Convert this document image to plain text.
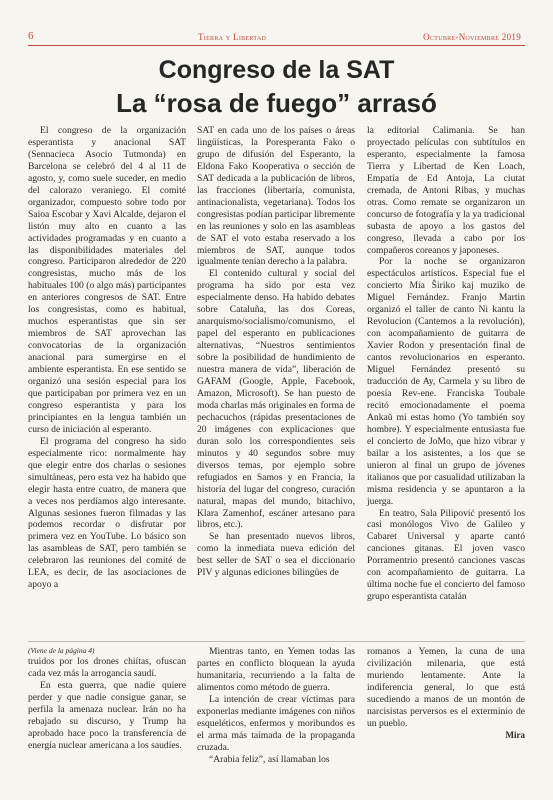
6	Tierra y Libertad	Octubre-Noviembre 2019
Congreso de la SAT
La “rosa de fuego” arrasó

El congreso de la organización esperantista y anacional SAT (Sennacieca Asocio Tutmonda) en Barcelona se celebró del 4 al 11 de agosto, y, como suele suceder, en medio del calorazo veraniego. El comité organizador, compuesto sobre todo por Saioa Escobar y Xavi Alcalde, dejaron el listón muy alto en cuanto a las actividades programadas y en cuanto a las disponibilidades materiales del congreso. Participaron alrededor de 220 congresistas, mucho más de los habituales 100 (o algo más) participantes en anteriores congresos de SAT. Entre los congresistas, como es habitual, muchos esperantistas que sin ser miembros de SAT aprovechan las convocatorias de la organización anacional para sumergirse en el ambiente esperantista. En ese sentido se organizó una sesión especial para los que participaban por primera vez en un congreso esperantista y para los principiantes en la lengua también un curso de iniciación al esperanto.

El programa del congreso ha sido especialmente rico: normalmente hay que elegir entre dos charlas o sesiones simultáneas, pero esta vez ha habido que elegir hasta entre cuatro, de manera que a veces nos perdíamos algo interesante. Algunas sesiones fueron filmadas y las podemos recordar o disfrutar por primera vez en YouTube. Lo básico son las asambleas de SAT, pero también se celebraron las reuniones del comité de LEA, es decir, de las asociaciones de apoyo a

SAT en cada uno de los países o áreas lingüísticas, la Poresperanta Fako o grupo de difusión del Esperanto, la Eldona Fako Kooperativa o sección de SAT dedicada a la publicación de libros, las fracciones (libertaria, comunista, antinacionalista, vegetariana). Todos los congresistas podían participar libremente en las reuniones y solo en las asambleas de SAT el voto estaba reservado a los miembros de SAT, aunque todos igualmente tenían derecho a la palabra.

El contenido cultural y social del programa ha sido por esta vez especialmente denso. Ha habido debates sobre Cataluña, las dos Coreas, anarquismo/socialismo/comunismo, el papel del esperanto en publicaciones alternativas, “Nuestros sentimientos sobre la posibilidad de hundimiento de nuestra manera de vida”, liberación de GAFAM (Google, Apple, Facebook, Amazon, Microsoft). Se han puesto de moda charlas más originales en forma de pechacuchos (rápidas presentaciones de 20 imágenes con explicaciones que duran solo los correspondientes seis minutos y 40 segundos sobre muy diversos temas, por ejemplo sobre refugiados en Samos y en Francia, la historia del lugar del congreso, curación natural, mapas del mundo, bitachivo, Klara Zamenhof, escáner artesano para libros, etc.).

Se han presentado nuevos libros, como la inmediata nueva edición del best seller de SAT o sea el diccionario PIV y algunas ediciones bilingües de

la editorial Calimania. Se han proyectado películas con subtítulos en esperanto, especialmente la famosa Tierra y Libertad de Ken Loach, Empatía de Ed Antoja, La ciutat cremada, de Antoni Ribas, y muchas otras. Como remate se organizaron un concurso de fotografía y la ya tradicional subasta de apoyo a los gastos del congreso, llevada a cabo por los compañeros coreanos y japoneses.

Por la noche se organizaron espectáculos artísticos. Especial fue el concierto Mia Ŝiriko kaj muziko de Miguel Fernández. Franjo Martin organizó el taller de canto Ni kantu la Revolucion (Cantemos a la revolución), con acompañamiento de guitarra de Xavier Rodon y presentación final de cantos revolucionarios en esperanto. Miguel Fernández presentó su traducción de Ay, Carmela y su libro de poesía Rev-ene. Franciska Toubale recitó emocionadamente el poema Ankaŭ mi estas homo (Yo también soy hombre). Y especialmente entusiasta fue el concierto de JoMo, que hizo vibrar y bailar a los asistentes, a los que se unieron al final un grupo de jóvenes italianos que por casualidad utilizaban la misma residencia y se apuntaron a la juerga.

En teatro, Sala Pilipović presentó los casi monólogos Vivo de Galileo y Cabaret Universal y aparte cantó canciones gitanas. El joven vasco Porramentrio presentó canciones vascas con acompañamiento de guitarra. La última noche fue el concierto del famoso grupo esperantista catalán

(Viene de la página 4)

truidos por los drones chiítas, ofuscan cada vez más la arrogancia saudí.

En esta guerra, que nadie quiere perder y que nadie consigue ganar, se perfila la amenaza nuclear. Irán no ha rebajado su discurso, y Trump ha aprobado hace poco la transferencia de energía nuclear americana a los saudíes.

Mientras tanto, en Yemen todas las partes en conflicto bloquean la ayuda humanitaria, recurriendo a la falta de alimentos como método de guerra.

La intención de crear víctimas para exponerlas mediante imágenes con niños esqueléticos, enfermos y moribundos es el arma más taimada de la propaganda cruzada.

“Arabia feliz”, así llamaban los

romanos a Yemen, la cuna de una civilización milenaria, que está muriendo lentamente. Ante la indiferencia general, lo que está sucediendo a manos de un montón de narcisistas perversos es el exterminio de un pueblo.

Mira
